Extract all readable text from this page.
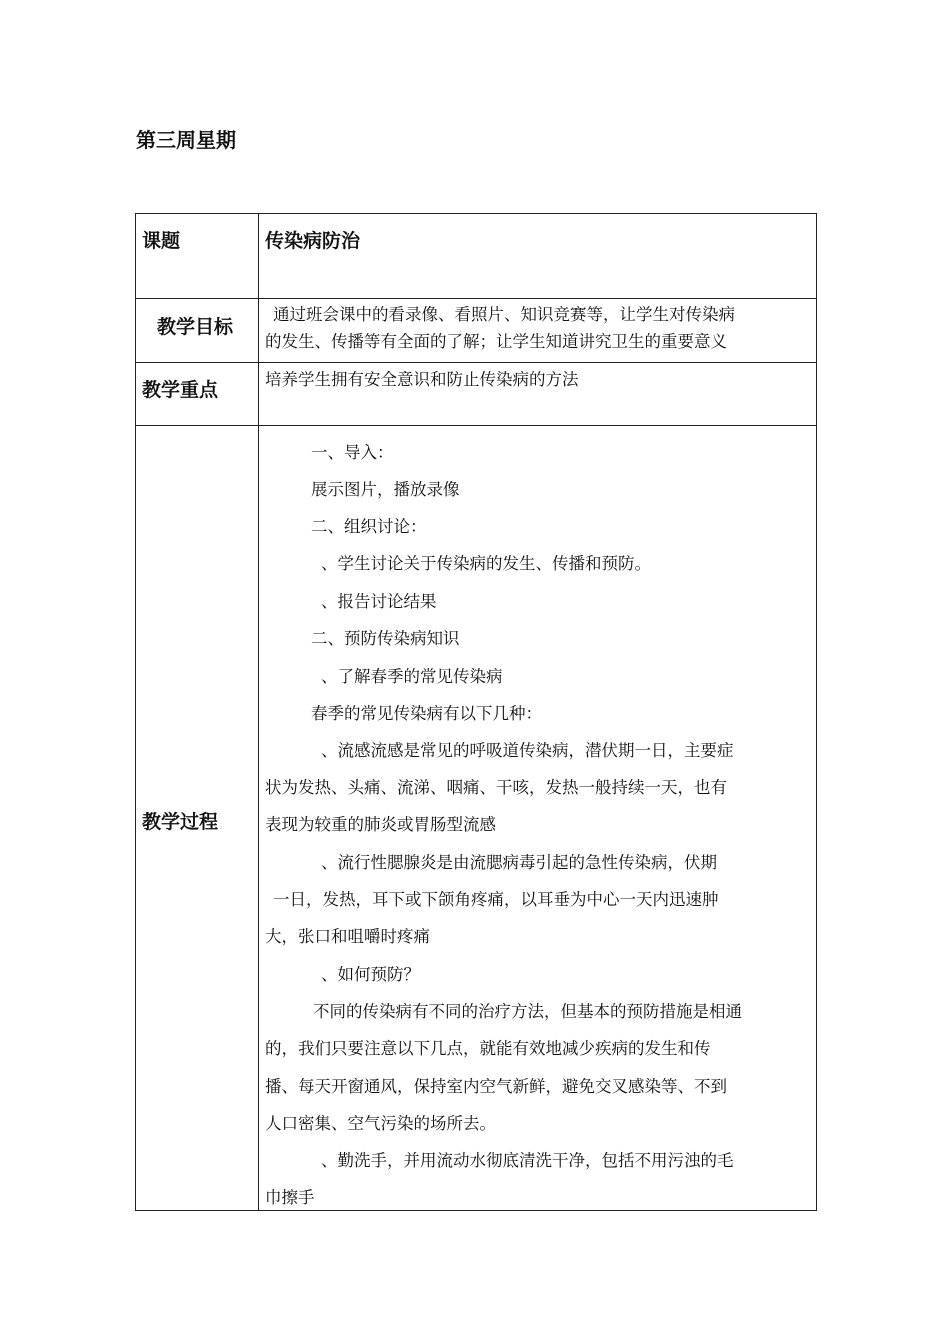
第三周星期
课题	传染病防治
教学目标
通过班会课中的看录像、看照片、知识竞赛等，让学生对传染病
的发生、传播等有全面的了解；让学生知道讲究卫生的重要意义
教学重点	培养学生拥有安全意识和防止传染病的方法
教学过程
一、导入：
展示图片，播放录像
二、组织讨论：
、学生讨论关于传染病的发生、传播和预防。
、报告讨论结果
二、预防传染病知识
、了解春季的常见传染病
春季的常见传染病有以下几种：
、流感流感是常见的呼吸道传染病，潜伏期一日，主要症
状为发热、头痛、流涕、咽痛、干咳，发热一般持续一天，也有
表现为较重的肺炎或胃肠型流感
、流行性腮腺炎是由流腮病毒引起的急性传染病，伏期
一日，发热，耳下或下颌角疼痛，以耳垂为中心一天内迅速肿
大，张口和咀嚼时疼痛
、如何预防？
不同的传染病有不同的治疗方法，但基本的预防措施是相通
的，我们只要注意以下几点，就能有效地减少疾病的发生和传
播、每天开窗通风，保持室内空气新鲜，避免交叉感染等、不到
人口密集、空气污染的场所去。
、勤洗手，并用流动水彻底清洗干净，包括不用污浊的毛
巾擦手
